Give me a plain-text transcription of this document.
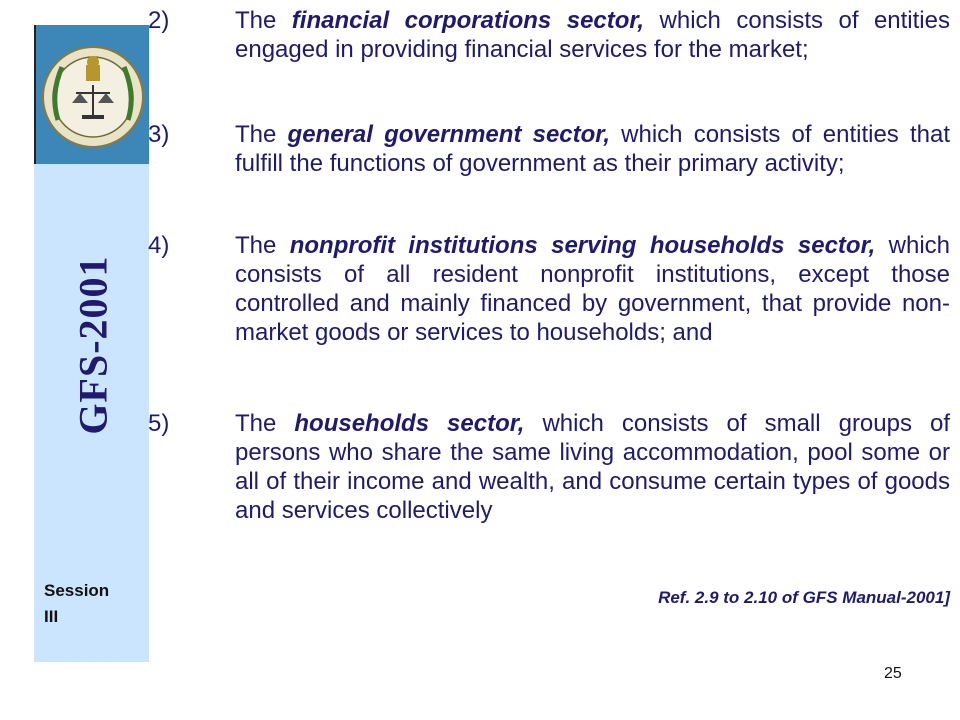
GFS-2001
Session
III
2)	The financial corporations sector, which consists of entities engaged in providing financial services for the market;
3)	The general government sector, which consists of entities that fulfill the functions of government as their primary activity;
4)	The nonprofit institutions serving households sector, which consists of all resident nonprofit institutions, except those controlled and mainly financed by government, that provide non-market goods or services to households; and
5)	The households sector, which consists of small groups of persons who share the same living accommodation, pool some or all of their income and wealth, and consume certain types of goods and services collectively
Ref. 2.9 to 2.10 of GFS Manual-2001]
25
